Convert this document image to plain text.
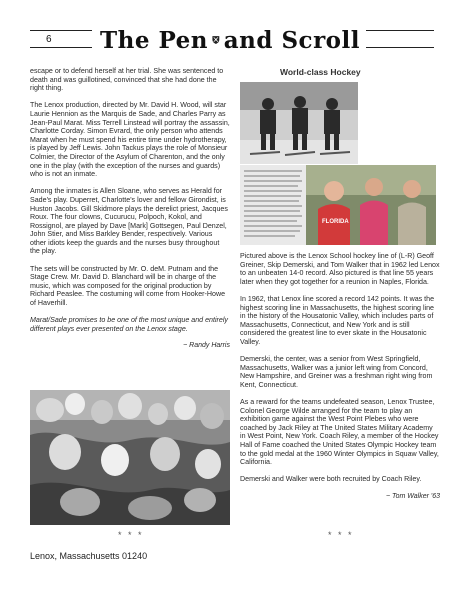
6 The Pen and Scroll

escape or to defend herself at her trial. She was sentenced to death and was guillotined, convinced that she had done the right thing.

The Lenox production, directed by Mr. David H. Wood, will star Laurie Hennion as the Marquis de Sade, and Charles Parry as Jean-Paul Marat. Miss Terrell Linstead will portray the assassin, Charlotte Corday. Simon Evrard, the only person who attends Marat when he must spend his entire time under hydrotherapy, is played by Jeff Lewis. John Tackus plays the role of Monsieur Colmier, the Director of the Asylum of Charenton, and the only one in the play (with the exception of the nurses and guards) who is not an inmate.

Among the inmates is Allen Sloane, who serves as Herald for Sade's play. Duperret, Charlotte's lover and fellow Girondist, is Huston Jacobs. Gill Skidmore plays the derelict priest, Jacques Roux. The four clowns, Cucurucu, Polpoch, Kokol, and Rossignol, are played by Dave [Mark] Gottsegen, Paul Denzel, John Stier, and Miss Barkley Bender, respectively. Various other idiots keep the guards and the nurses busy throughout the play.

The sets will be constructed by Mr. O. deM. Putnam and the Stage Crew. Mr. David D. Blanchard will be in charge of the music, which was composed for the original production by Richard Peaslee. The costuming will come from Hooker-Howe of Haverhill.

Marat/Sade promises to be one of the most unique and entirely different plays ever presented on the Lenox stage.

~ Randy Harris
* * *
World-class Hockey
FLORIDA

Pictured above is the Lenox School hockey line of (L-R) Geoff Greiner, Skip Demerski, and Tom Walker that in 1962 led Lenox to an unbeaten 14-0 record. Also pictured is that line 55 years later when they got together for a reunion in Naples, Florida.

In 1962, that Lenox line scored a record 142 points. It was the highest scoring line in Massachusetts, the highest scoring line in the history of the Housatonic Valley, which includes parts of Massachusetts, Connecticut, and New York and is still considered the greatest line to ever skate in the Housatonic Valley.

Demerski, the center, was a senior from West Springfield, Massachusetts, Walker was a junior left wing from Concord, New Hampshire, and Greiner was a freshman right wing from Kent, Connecticut.

As a reward for the teams undefeated season, Lenox Trustee, Colonel George Wilde arranged for the team to play an exhibition game against the West Point Plebes who were coached by Jack Riley at The United States Military Academy in West Point, New York. Coach Riley, a member of the Hockey Hall of Fame coached the United States Olympic Hockey team to the gold medal at the 1960 Winter Olympics in Squaw Valley, California.

Demerski and Walker were both recruited by Coach Riley.

~ Tom Walker '63
* * *
Lenox, Massachusetts 01240
